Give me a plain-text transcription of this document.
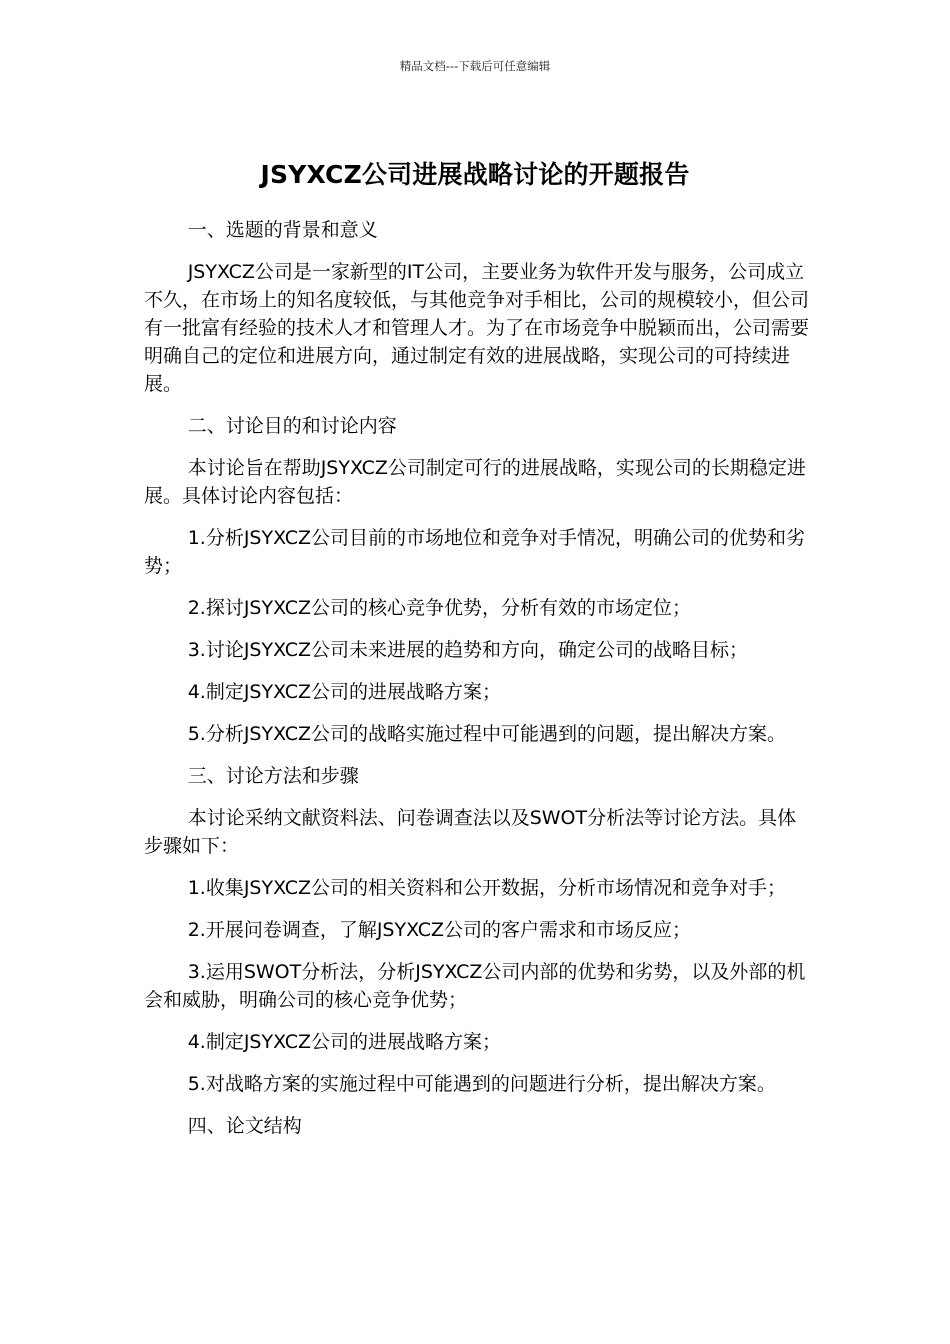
精品文档---下载后可任意编辑
JSYXCZ公司进展战略讨论的开题报告
一、选题的背景和意义

JSYXCZ公司是一家新型的IT公司，主要业务为软件开发与服务，公司成立不久，在市场上的知名度较低，与其他竞争对手相比，公司的规模较小，但公司有一批富有经验的技术人才和管理人才。为了在市场竞争中脱颖而出，公司需要明确自己的定位和进展方向，通过制定有效的进展战略，实现公司的可持续进展。

二、讨论目的和讨论内容

本讨论旨在帮助JSYXCZ公司制定可行的进展战略，实现公司的长期稳定进展。具体讨论内容包括：

1.分析JSYXCZ公司目前的市场地位和竞争对手情况，明确公司的优势和劣势；

2.探讨JSYXCZ公司的核心竞争优势，分析有效的市场定位；

3.讨论JSYXCZ公司未来进展的趋势和方向，确定公司的战略目标；

4.制定JSYXCZ公司的进展战略方案；

5.分析JSYXCZ公司的战略实施过程中可能遇到的问题，提出解决方案。

三、讨论方法和步骤

本讨论采纳文献资料法、问卷调查法以及SWOT分析法等讨论方法。具体步骤如下：

1.收集JSYXCZ公司的相关资料和公开数据，分析市场情况和竞争对手；

2.开展问卷调查，了解JSYXCZ公司的客户需求和市场反应；

3.运用SWOT分析法，分析JSYXCZ公司内部的优势和劣势，以及外部的机会和威胁，明确公司的核心竞争优势；

4.制定JSYXCZ公司的进展战略方案；

5.对战略方案的实施过程中可能遇到的问题进行分析，提出解决方案。

四、论文结构
